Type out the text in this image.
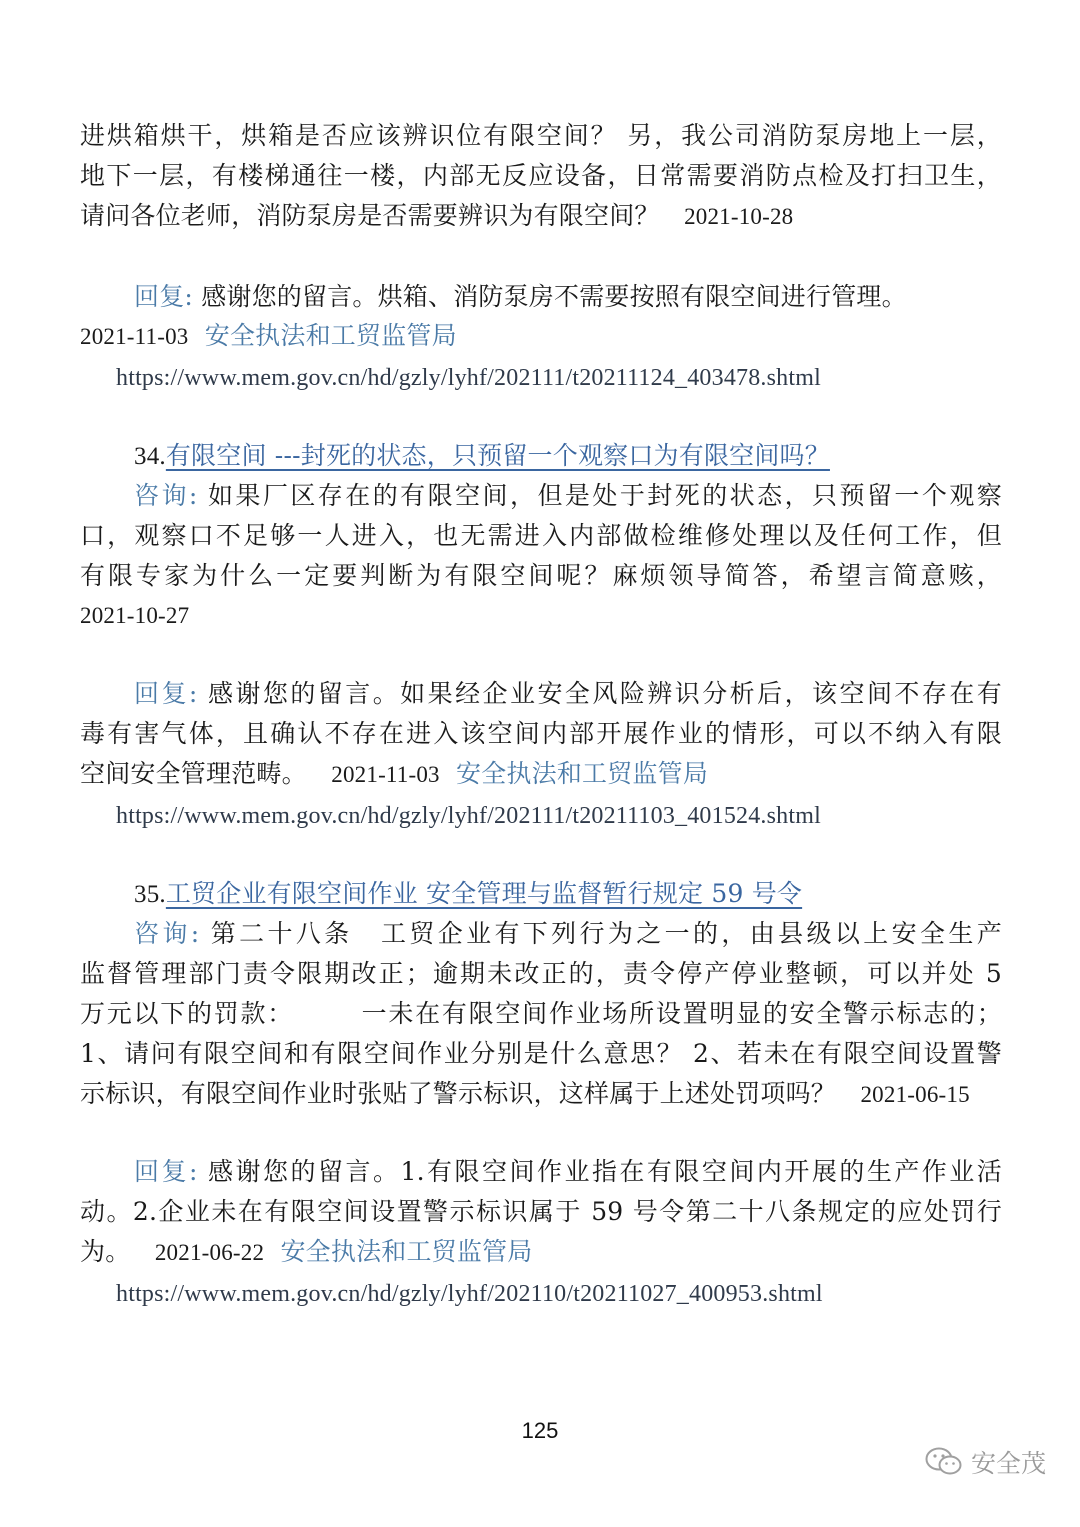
进烘箱烘干，烘箱是否应该辨识位有限空间？ 另，我公司消防泵房地上一层，
地下一层，有楼梯通往一楼，内部无反应设备，日常需要消防点检及打扫卫生，
请问各位老师，消防泵房是否需要辨识为有限空间？ 2021-10-28
回复: 感谢您的留言。烘箱、消防泵房不需要按照有限空间进行管理。
2021-11-03 安全执法和工贸监管局
https://www.mem.gov.cn/hd/gzly/lyhf/202111/t20211124_403478.shtml
34.有限空间 ---封死的状态，只预留一个观察口为有限空间吗？
咨询: 如果厂区存在的有限空间，但是处于封死的状态，只预留一个观察
口，观察口不足够一人进入，也无需进入内部做检维修处理以及任何工作，但
有限专家为什么一定要判断为有限空间呢？麻烦领导简答，希望言简意赅，
2021-10-27
回复: 感谢您的留言。如果经企业安全风险辨识分析后，该空间不存在有
毒有害气体，且确认不存在进入该空间内部开展作业的情形，可以不纳入有限
空间安全管理范畴。 2021-11-03 安全执法和工贸监管局
https://www.mem.gov.cn/hd/gzly/lyhf/202111/t20211103_401524.shtml
35.工贸企业有限空间作业 安全管理与监督暂行规定 59 号令
咨询: 第二十八条　工贸企业有下列行为之一的，由县级以上安全生产
监督管理部门责令限期改正；逾期未改正的，责令停产停业整顿，可以并处 5
万元以下的罚款：　　　一未在有限空间作业场所设置明显的安全警示标志的；
1、请问有限空间和有限空间作业分别是什么意思？ 2、若未在有限空间设置警
示标识，有限空间作业时张贴了警示标识，这样属于上述处罚项吗？ 2021-06-15
回复: 感谢您的留言。1.有限空间作业指在有限空间内开展的生产作业活
动。2.企业未在有限空间设置警示标识属于 59 号令第二十八条规定的应处罚行
为。 2021-06-22 安全执法和工贸监管局
https://www.mem.gov.cn/hd/gzly/lyhf/202110/t20211027_400953.shtml
125
安全茂
